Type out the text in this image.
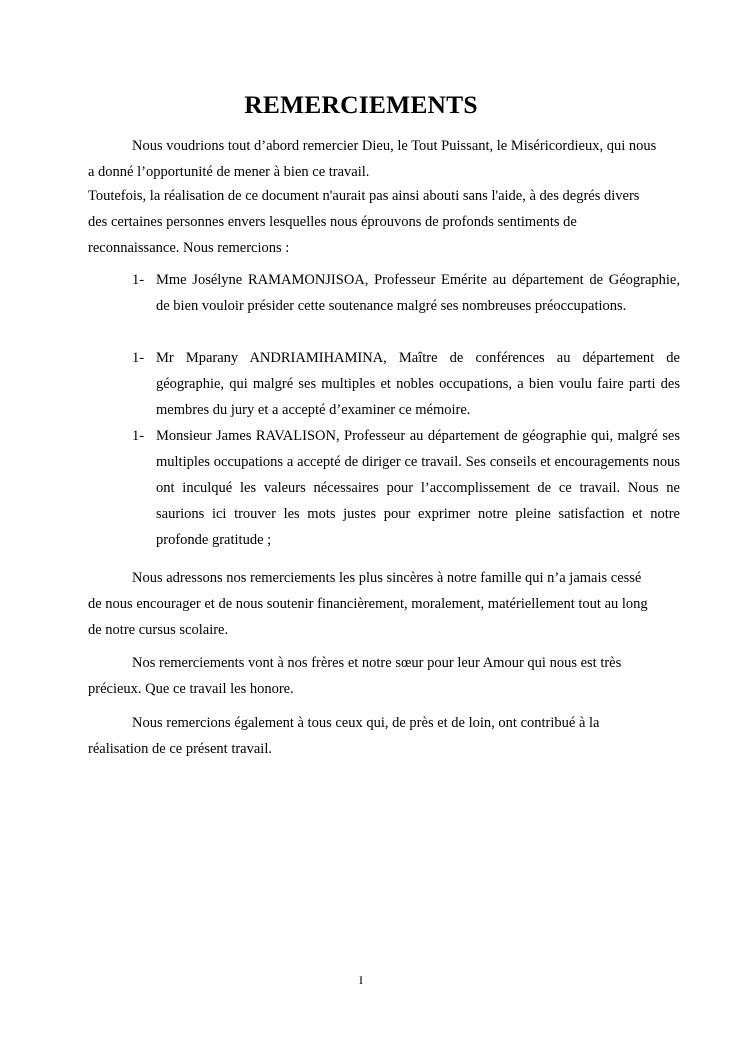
REMERCIEMENTS

Nous voudrions tout d’abord remercier Dieu, le Tout Puissant, le Miséricordieux, qui nous a donné l’opportunité de mener à bien ce travail.

Toutefois, la réalisation de ce document n'aurait pas ainsi abouti sans l'aide, à des degrés divers des certaines personnes envers lesquelles nous éprouvons de profonds sentiments de reconnaissance. Nous remercions :

1- Mme Josélyne RAMAMONJISOA, Professeur Emérite au département de Géographie, de bien vouloir présider cette soutenance malgré ses nombreuses préoccupations.
1- Mr Mparany ANDRIAMIHAMINA, Maître de conférences au département de géographie, qui malgré ses multiples et nobles occupations, a bien voulu faire parti des membres du jury et a accepté d’examiner ce mémoire.
1- Monsieur James RAVALISON, Professeur au département de géographie qui, malgré ses multiples occupations a accepté de diriger ce travail. Ses conseils et encouragements nous ont inculqué les valeurs nécessaires pour l’accomplissement de ce travail. Nous ne saurions ici trouver les mots justes pour exprimer notre pleine satisfaction et notre profonde gratitude ;

Nous adressons nos remerciements les plus sincères à notre famille qui n’a jamais cessé de nous encourager et de nous soutenir financièrement, moralement, matériellement tout au long de notre cursus scolaire.

Nos remerciements vont à nos frères et notre sœur pour leur Amour qui nous est très précieux. Que ce travail les honore.

Nous remercions également à tous ceux qui, de près et de loin, ont contribué à la réalisation de ce présent travail.

I
